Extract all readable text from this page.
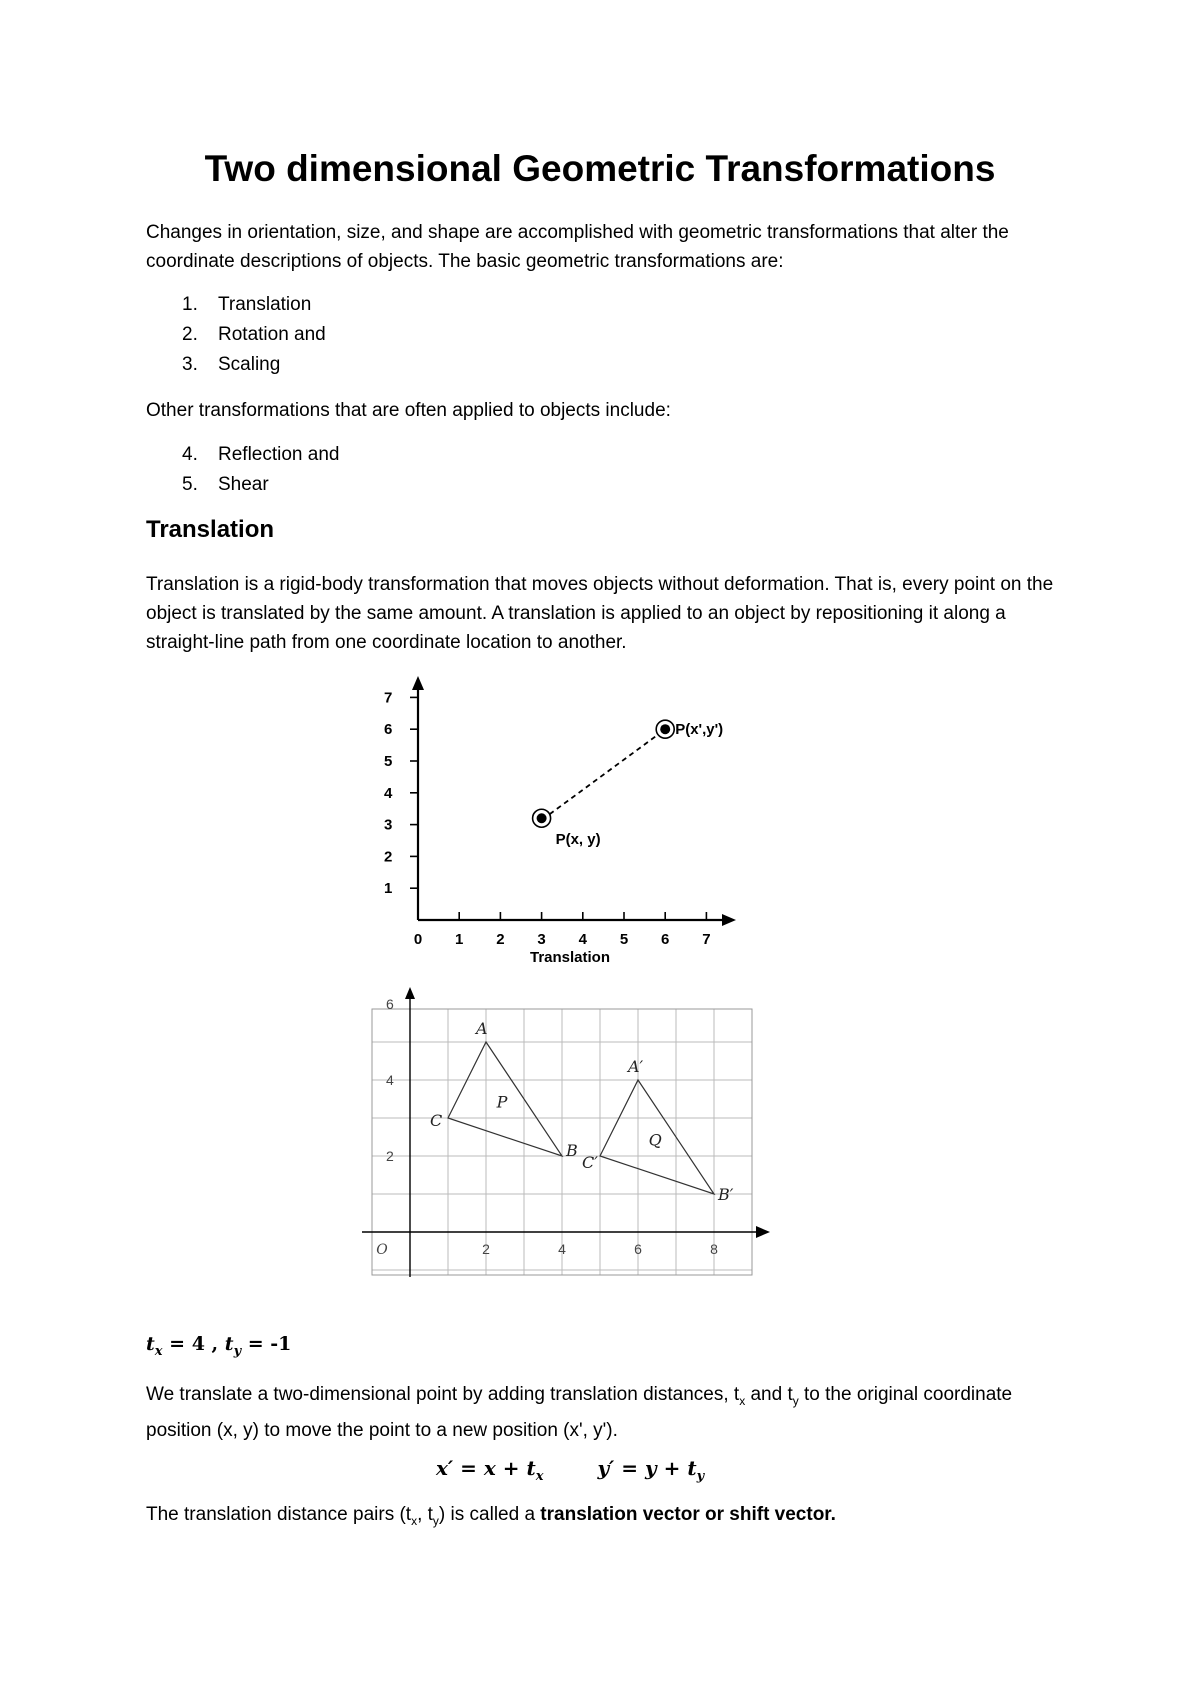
Two dimensional Geometric Transformations

Changes in orientation, size, and shape are accomplished with geometric transformations that alter the coordinate descriptions of objects. The basic geometric transformations are:

1. Translation
2. Rotation and
3. Scaling

Other transformations that are often applied to objects include:

4. Reflection and
5. Shear
Translation

Translation is a rigid-body transformation that moves objects without deformation. That is, every point on the object is translated by the same amount. A translation is applied to an object by repositioning it along a straight-line path from one coordinate location to another.

1
2
3
4
5
6
7
0 1 2 3 4 5 6 7
P(x, y)
P(x',y')
Translation
2
4
6
O	2	4	6	8
A
B
C
P
A′
B′
C′
Q
$t_x = 4$ , $t_y = -1$

We translate a two-dimensional point by adding translation distances, $t_x$ and $t_y$ to the original coordinate position (x, y) to move the point to a new position (x', y').

$x' = x + t_x$	$y' = y + t_y$

The translation distance pairs ($t_x$, $t_y$) is called a translation vector or shift vector.
